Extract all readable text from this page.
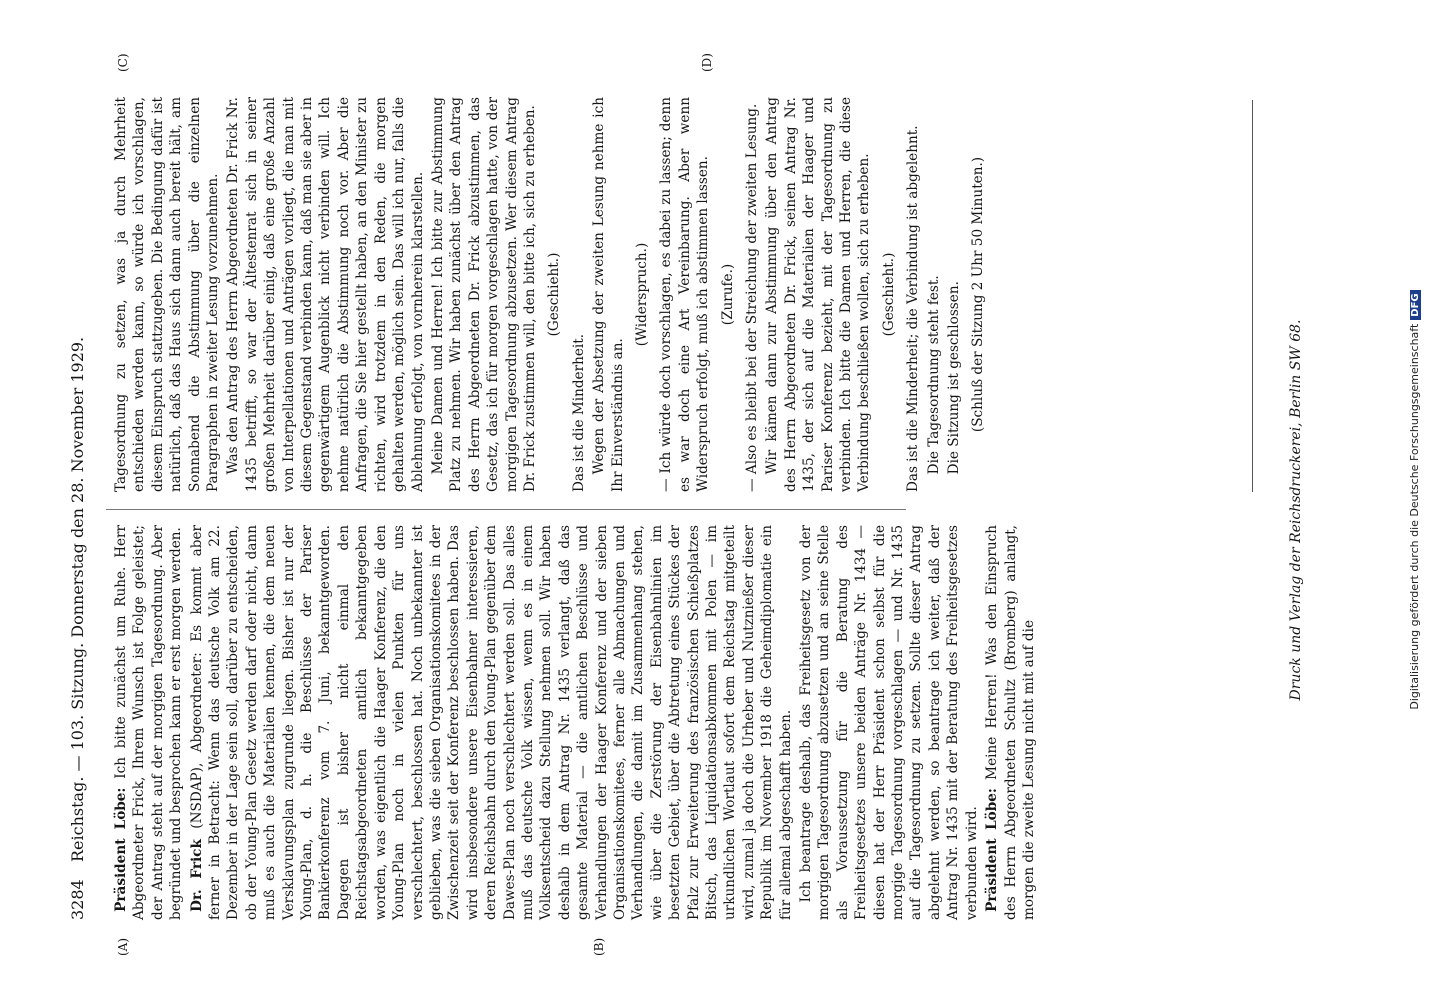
3284
Reichstag. — 103. Sitzung. Donnerstag den 28. November 1929.
(A)	(B)
(C)	(D)

Präsident Löbe: Ich bitte zunächst um Ruhe. Herr Abgeordneter Frick, Ihrem Wunsch ist Folge geleistet; der Antrag steht auf der morgigen Tagesordnung. Aber begründet und besprochen kann er erst morgen werden. Dr. Frick (NSDAP), Abgeordneter: Es kommt aber ferner in Betracht: Wenn das deutsche Volk am 22. Dezember in der Lage sein soll, darüber zu entscheiden, ob der Young-Plan Gesetz werden darf oder nicht, dann muß es auch die Materialien kennen, die dem neuen Versklavungsplan zugrunde liegen. Bisher ist nur der Young-Plan, d. h. die Beschlüsse der Pariser Bankierkonferenz vom 7. Juni, bekanntgeworden. Dagegen ist bisher nicht einmal den Reichstagsabgeordneten amtlich bekanntgegeben worden, was eigentlich die Haager Konferenz, die den Young-Plan noch in vielen Punkten für uns verschlechtert, beschlossen hat. Noch unbekannter ist geblieben, was die sieben Organisationskomitees in der Zwischenzeit seit der Konferenz beschlossen haben. Das wird insbesondere unsere Eisenbahner interessieren, deren Reichsbahn durch den Young-Plan gegenüber dem Dawes-Plan noch verschlechtert werden soll. Das alles muß das deutsche Volk wissen, wenn es in einem Volksentscheid dazu Stellung nehmen soll. Wir haben deshalb in dem Antrag Nr. 1435 verlangt, daß das gesamte Material — die amtlichen Beschlüsse und Verhandlungen der Haager Konferenz und der sieben Organisationskomitees, ferner alle Abmachungen und Verhandlungen, die damit im Zusammenhang stehen, wie über die Zerstörung der Eisenbahnlinien im besetzten Gebiet, über die Abtretung eines Stückes der Pfalz zur Erweiterung des französischen Schießplatzes Bitsch, das Liquidationsabkommen mit Polen — im urkundlichen Wortlaut sofort dem Reichstag mitgeteilt wird, zumal ja doch die Urheber und Nutznießer dieser Republik im November 1918 die Geheimdiplomatie ein für allemal abgeschafft haben. Ich beantrage deshalb, das Freiheitsgesetz von der morgigen Tagesordnung abzusetzen und an seine Stelle als Voraussetzung für die Beratung des Freiheitsgesetzes unsere beiden Anträge Nr. 1434 — diesen hat der Herr Präsident schon selbst für die morgige Tagesordnung vorgeschlagen — und Nr. 1435 auf die Tagesordnung zu setzen. Sollte dieser Antrag abgelehnt werden, so beantrage ich weiter, daß der Antrag Nr. 1435 mit der Beratung des Freiheitsgesetzes verbunden wird. Präsident Löbe: Meine Herren! Was den Einspruch des Herrn Abgeordneten Schultz (Bromberg) anlangt, morgen die zweite Lesung nicht mit auf die

Tagesordnung zu setzen, was ja durch Mehrheit entschieden werden kann, so würde ich vorschlagen, diesem Einspruch stattzugeben. Die Bedingung dafür ist natürlich, daß das Haus sich dann auch bereit hält, am Sonnabend die Abstimmung über die einzelnen Paragraphen in zweiter Lesung vorzunehmen. Was den Antrag des Herrn Abgeordneten Dr. Frick Nr. 1435 betrifft, so war der Ältestenrat sich in seiner großen Mehrheit darüber einig, daß eine große Anzahl von Interpellationen und Anträgen vorliegt, die man mit diesem Gegenstand verbinden kann, daß man sie aber in gegenwärtigem Augenblick nicht verbinden will. Ich nehme natürlich die Abstimmung noch vor. Aber die Anfragen, die Sie hier gestellt haben, an den Minister zu richten, wird trotzdem in den Reden, die morgen gehalten werden, möglich sein. Das will ich nur, falls die Ablehnung erfolgt, von vornherein klarstellen. Meine Damen und Herren! Ich bitte zur Abstimmung Platz zu nehmen. Wir haben zunächst über den Antrag des Herrn Abgeordneten Dr. Frick abzustimmen, das Gesetz, das ich für morgen vorgeschlagen hatte, von der morgigen Tagesordnung abzusetzen. Wer diesem Antrag Dr. Frick zustimmen will, den bitte ich, sich zu erheben. (Geschieht.)

Das ist die Minderheit. Wegen der Absetzung der zweiten Lesung nehme ich Ihr Einverständnis an.

(Widerspruch.) — Ich würde doch vorschlagen, es dabei zu lassen; denn es war doch eine Art Vereinbarung. Aber wenn Widerspruch erfolgt, muß ich abstimmen lassen. (Zurufe.) — Also es bleibt bei der Streichung der zweiten Lesung. Wir kämen dann zur Abstimmung über den Antrag des Herrn Abgeordneten Dr. Frick, seinen Antrag Nr. 1435, der sich auf die Materialien der Haager und Pariser Konferenz bezieht, mit der Tagesordnung zu verbinden. Ich bitte die Damen und Herren, die diese Verbindung beschließen wollen, sich zu erheben. (Geschieht.) Das ist die Minderheit; die Verbindung ist abgelehnt. Die Tagesordnung steht fest. Die Sitzung ist geschlossen. (Schluß der Sitzung 2 Uhr 50 Minuten.)

Druck und Verlag der Reichsdruckerei, Berlin SW 68.	Digitalisierung gefördert durch die Deutsche ForschungsgemeinschaftDFG
